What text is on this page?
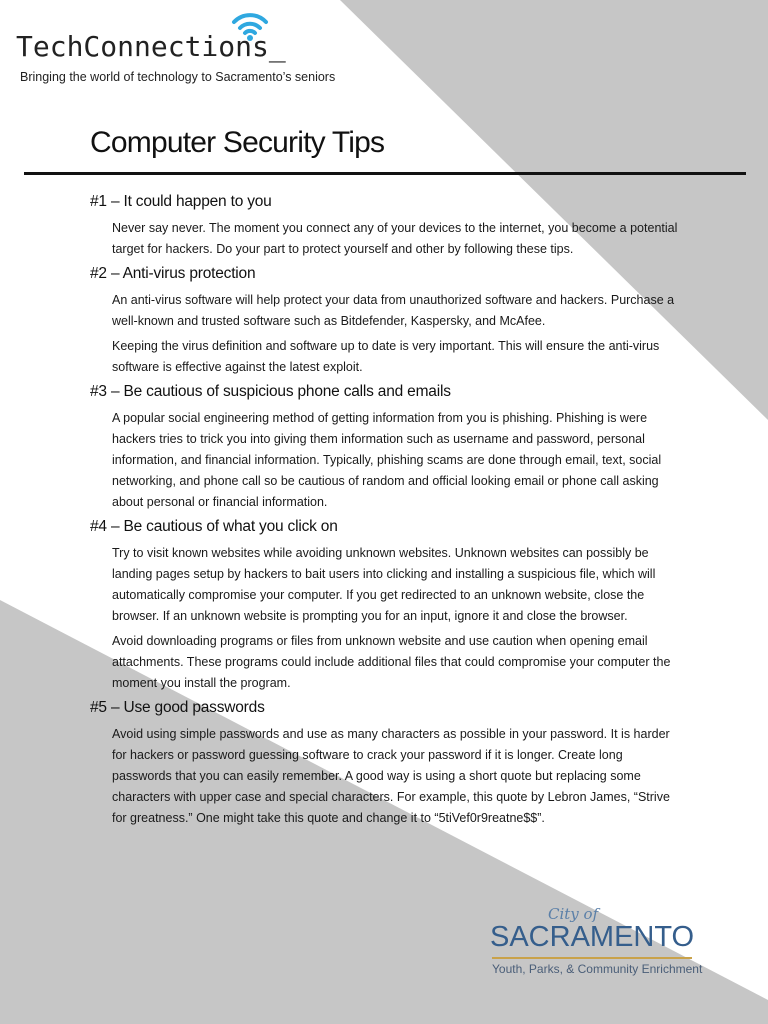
TechConnections_
Bringing the world of technology to Sacramento’s seniors
Computer Security Tips
#1 – It could happen to you

Never say never. The moment you connect any of your devices to the internet, you become a potential target for hackers. Do your part to protect yourself and other by following these tips.

#2 – Anti-virus protection

An anti-virus software will help protect your data from unauthorized software and hackers. Purchase a well-known and trusted software such as Bitdefender, Kaspersky, and McAfee.

Keeping the virus definition and software up to date is very important. This will ensure the anti-virus software is effective against the latest exploit.

#3 – Be cautious of suspicious phone calls and emails

A popular social engineering method of getting information from you is phishing. Phishing is were hackers tries to trick you into giving them information such as username and password, personal information, and financial information. Typically, phishing scams are done through email, text, social networking, and phone call so be cautious of random and official looking email or phone call asking about personal or financial information.

#4 – Be cautious of what you click on

Try to visit known websites while avoiding unknown websites. Unknown websites can possibly be landing pages setup by hackers to bait users into clicking and installing a suspicious file, which will automatically compromise your computer. If you get redirected to an unknown website, close the browser. If an unknown website is prompting you for an input, ignore it and close the browser.

Avoid downloading programs or files from unknown website and use caution when opening email attachments. These programs could include additional files that could compromise your computer the moment you install the program.

#5 – Use good passwords

Avoid using simple passwords and use as many characters as possible in your password. It is harder for hackers or password guessing software to crack your password if it is longer. Create long passwords that you can easily remember. A good way is using a short quote but replacing some characters with upper case and special characters. For example, this quote by Lebron James, “Strive for greatness.” One might take this quote and change it to “5tiVef0r9reatne$$”.

City of
SACRAMENTO
Youth, Parks, & Community Enrichment
